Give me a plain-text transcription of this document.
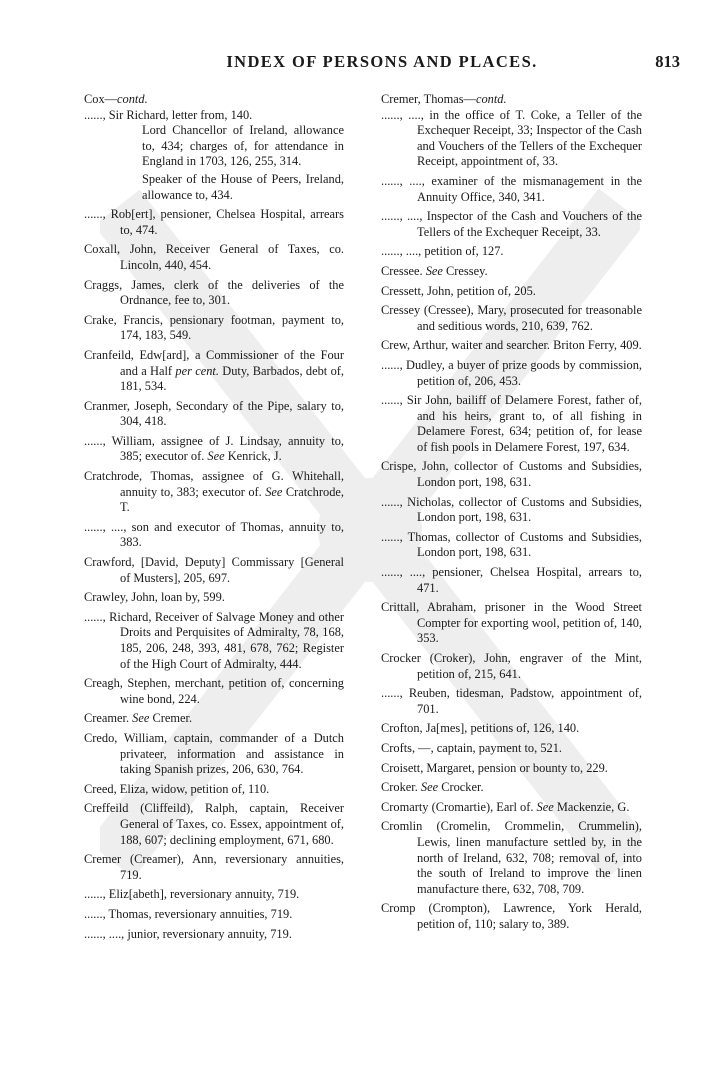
INDEX OF PERSONS AND PLACES.	813

Cox—contd.

......, Sir Richard, letter from, 140.

Lord Chancellor of Ireland, allowance to, 434; charges of, for attendance in England in 1703, 126, 255, 314.

Speaker of the House of Peers, Ireland, allowance to, 434.

......, Rob[ert], pensioner, Chelsea Hospital, arrears to, 474.

Coxall, John, Receiver General of Taxes, co. Lincoln, 440, 454.

Craggs, James, clerk of the deliveries of the Ordnance, fee to, 301.

Crake, Francis, pensionary footman, payment to, 174, 183, 549.

Cranfeild, Edw[ard], a Commissioner of the Four and a Half per cent. Duty, Barbados, debt of, 181, 534.

Cranmer, Joseph, Secondary of the Pipe, salary to, 304, 418.

......, William, assignee of J. Lindsay, annuity to, 385; executor of. See Kenrick, J.

Cratchrode, Thomas, assignee of G. Whitehall, annuity to, 383; executor of. See Cratchrode, T.

......, ...., son and executor of Thomas, annuity to, 383.

Crawford, [David, Deputy] Commissary [General of Musters], 205, 697.

Crawley, John, loan by, 599.

......, Richard, Receiver of Salvage Money and other Droits and Perquisites of Admiralty, 78, 168, 185, 206, 248, 393, 481, 678, 762; Register of the High Court of Admiralty, 444.

Creagh, Stephen, merchant, petition of, concerning wine bond, 224.

Creamer. See Cremer.

Credo, William, captain, commander of a Dutch privateer, information and assistance in taking Spanish prizes, 206, 630, 764.

Creed, Eliza, widow, petition of, 110.

Creffeild (Cliffeild), Ralph, captain, Receiver General of Taxes, co. Essex, appointment of, 188, 607; declining employment, 671, 680.

Cremer (Creamer), Ann, reversionary annuities, 719.

......, Eliz[abeth], reversionary annuity, 719.

......, Thomas, reversionary annuities, 719.

......, ...., junior, reversionary annuity, 719.

Cremer, Thomas—contd.

......, ...., in the office of T. Coke, a Teller of the Exchequer Receipt, 33; Inspector of the Cash and Vouchers of the Tellers of the Exchequer Receipt, appointment of, 33.

......, ...., examiner of the mismanagement in the Annuity Office, 340, 341.

......, ...., Inspector of the Cash and Vouchers of the Tellers of the Exchequer Receipt, 33.

......, ...., petition of, 127.

Cressee. See Cressey.

Cressett, John, petition of, 205.

Cressey (Cressee), Mary, prosecuted for treasonable and seditious words, 210, 639, 762.

Crew, Arthur, waiter and searcher. Briton Ferry, 409.

......, Dudley, a buyer of prize goods by commission, petition of, 206, 453.

......, Sir John, bailiff of Delamere Forest, father of, and his heirs, grant to, of all fishing in Delamere Forest, 634; petition of, for lease of fish pools in Delamere Forest, 197, 634.

Crispe, John, collector of Customs and Subsidies, London port, 198, 631.

......, Nicholas, collector of Customs and Subsidies, London port, 198, 631.

......, Thomas, collector of Customs and Subsidies, London port, 198, 631.

......, ...., pensioner, Chelsea Hospital, arrears to, 471.

Crittall, Abraham, prisoner in the Wood Street Compter for exporting wool, petition of, 140, 353.

Crocker (Croker), John, engraver of the Mint, petition of, 215, 641.

......, Reuben, tidesman, Padstow, appointment of, 701.

Crofton, Ja[mes], petitions of, 126, 140.

Crofts, —, captain, payment to, 521.

Croisett, Margaret, pension or bounty to, 229.

Croker. See Crocker.

Cromarty (Cromartie), Earl of. See Mackenzie, G.

Cromlin (Cromelin, Crommelin, Crummelin), Lewis, linen manufacture settled by, in the north of Ireland, 632, 708; removal of, into the south of Ireland to improve the linen manufacture there, 632, 708, 709.

Cromp (Crompton), Lawrence, York Herald, petition of, 110; salary to, 389.
